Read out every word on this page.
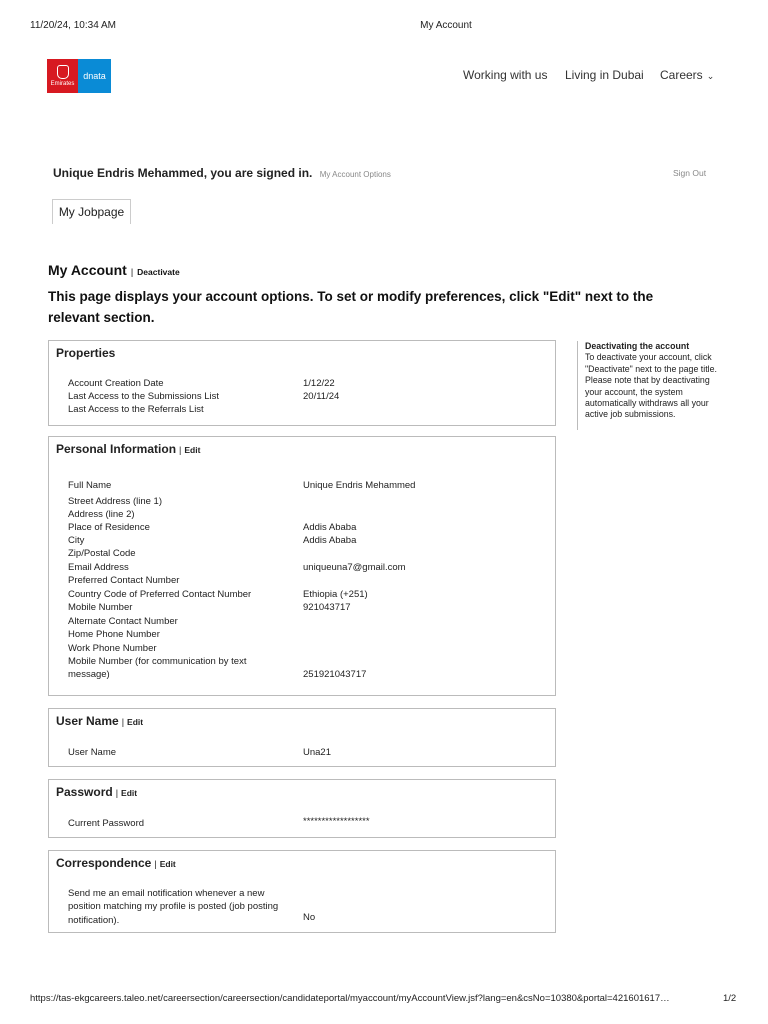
11/20/24, 10:34 AM	My Account
Emirates
dnata	Working with us Living in Dubai Careers ⌄
Unique Endris Mehammed, you are signed in. My Account Options	Sign Out
My Jobpage
My Account | Deactivate
This page displays your account options. To set or modify preferences, click "Edit" next to the relevant section.
Properties
Account Creation Date	1/12/22
Last Access to the Submissions List	20/11/24
Last Access to the Referrals List
Personal Information | Edit
Full Name	Unique Endris Mehammed
Street Address (line 1)
Address (line 2)
Place of Residence	Addis Ababa
City	Addis Ababa
Zip/Postal Code
Email Address	uniqueuna7@gmail.com
Preferred Contact Number
Country Code of Preferred Contact Number	Ethiopia (+251)
Mobile Number	921043717
Alternate Contact Number
Home Phone Number
Work Phone Number
Mobile Number (for communication by text message)	251921043717
User Name | Edit
User Name	Una21
Password | Edit
Current Password	******************
Correspondence | Edit
Send me an email notification whenever a new position matching my profile is posted (job posting notification).	No
Deactivating the account
To deactivate your account, click "Deactivate" next to the page title. Please note that by deactivating your account, the system automatically withdraws all your active job submissions.
https://tas-ekgcareers.taleo.net/careersection/careersection/candidateportal/myaccount/myAccountView.jsf?lang=en&csNo=10380&portal=421601617…	1/2
